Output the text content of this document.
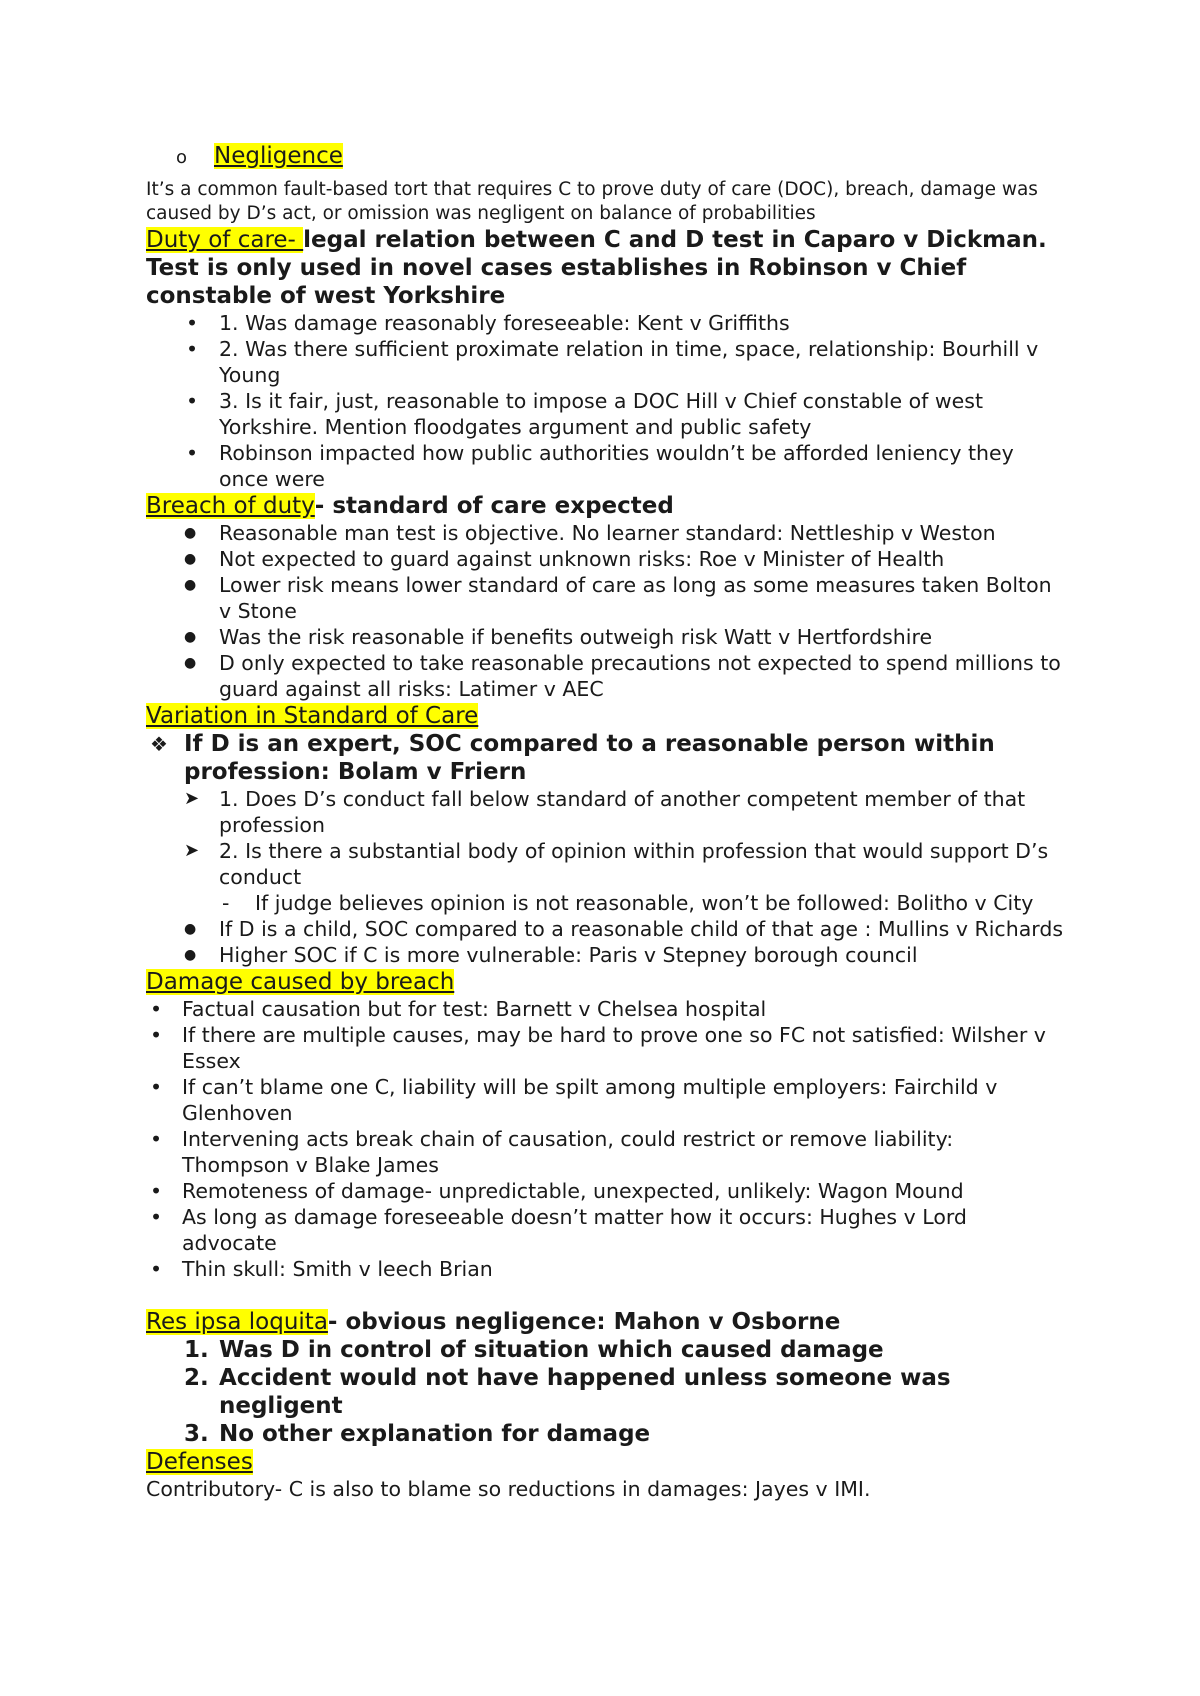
o Negligence

It’s a common fault-based tort that requires C to prove duty of care (DOC), breach, damage was caused by D’s act, or omission was negligent on balance of probabilities

Duty of care- legal relation between C and D test in Caparo v Dickman. Test is only used in novel cases establishes in Robinson v Chief constable of west Yorkshire

• 1. Was damage reasonably foreseeable: Kent v Griffiths
• 2. Was there sufficient proximate relation in time, space, relationship: Bourhill v Young
• 3. Is it fair, just, reasonable to impose a DOC Hill v Chief constable of west Yorkshire. Mention floodgates argument and public safety
• Robinson impacted how public authorities wouldn’t be afforded leniency they once were

Breach of duty- standard of care expected

● Reasonable man test is objective. No learner standard: Nettleship v Weston
● Not expected to guard against unknown risks: Roe v Minister of Health
● Lower risk means lower standard of care as long as some measures taken Bolton v Stone
● Was the risk reasonable if benefits outweigh risk Watt v Hertfordshire
● D only expected to take reasonable precautions not expected to spend millions to guard against all risks: Latimer v AEC

Variation in Standard of Care

❖ If D is an expert, SOC compared to a reasonable person within profession: Bolam v Friern
➤ 1. Does D’s conduct fall below standard of another competent member of that profession
➤ 2. Is there a substantial body of opinion within profession that would support D’s conduct
- If judge believes opinion is not reasonable, won’t be followed: Bolitho v City
● If D is a child, SOC compared to a reasonable child of that age : Mullins v Richards
● Higher SOC if C is more vulnerable: Paris v Stepney borough council

Damage caused by breach

• Factual causation but for test: Barnett v Chelsea hospital
• If there are multiple causes, may be hard to prove one so FC not satisfied: Wilsher v Essex
• If can’t blame one C, liability will be spilt among multiple employers: Fairchild v Glenhoven
• Intervening acts break chain of causation, could restrict or remove liability: Thompson v Blake James
• Remoteness of damage- unpredictable, unexpected, unlikely: Wagon Mound
• As long as damage foreseeable doesn’t matter how it occurs: Hughes v Lord advocate
• Thin skull: Smith v leech Brian

Res ipsa loquita- obvious negligence: Mahon v Osborne

1. Was D in control of situation which caused damage
2. Accident would not have happened unless someone was negligent
3. No other explanation for damage

Defenses

Contributory- C is also to blame so reductions in damages: Jayes v IMI.
